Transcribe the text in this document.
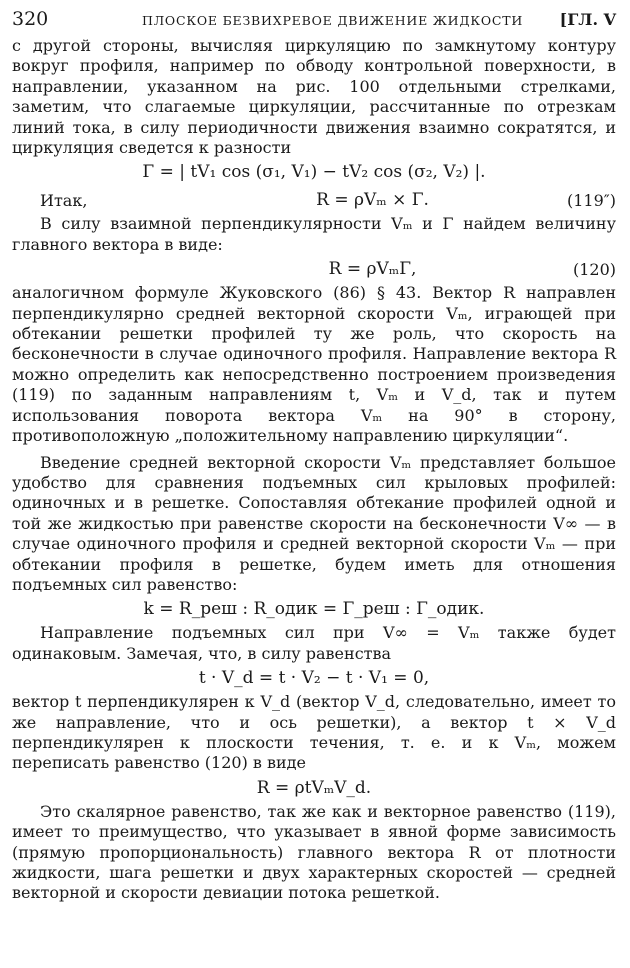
320	ПЛОСКОЕ БЕЗВИХРЕВОЕ ДВИЖЕНИЕ ЖИДКОСТИ [ГЛ. V

с другой стороны, вычисляя циркуляцию по замкнутому контуру вокруг профиля, например по обводу контрольной поверхности, в направлении, указанном на рис. 100 отдельными стрелками, заметим, что слагаемые циркуляции, рассчитанные по отрезкам линий тока, в силу периодичности движения взаимно сократятся, и циркуляция сведется к разности

Γ = | tV₁ cos (σ₁, V₁) − tV₂ cos (σ₂, V₂) |.
Итак,	R = ρVₘ × Γ.	(119″)

В силу взаимной перпендикулярности Vₘ и Γ найдем величину главного вектора в виде:

R = ρVₘΓ,	(120)

аналогичном формуле Жуковского (86) § 43. Вектор R направлен перпендикулярно средней векторной скорости Vₘ, играющей при обтекании решетки профилей ту же роль, что скорость на бесконечности в случае одиночного профиля. Направление вектора R можно определить как непосредственно построением произведения (119) по заданным направлениям t, Vₘ и V_d, так и путем использования поворота вектора Vₘ на 90° в сторону, противоположную „положительному направлению циркуляции“.

Введение средней векторной скорости Vₘ представляет большое удобство для сравнения подъемных сил крыловых профилей: одиночных и в решетке. Сопоставляя обтекание профилей одной и той же жидкостью при равенстве скорости на бесконечности V∞ — в случае одиночного профиля и средней векторной скорости Vₘ — при обтекании профиля в решетке, будем иметь для отношения подъемных сил равенство:

k = R_реш : R_одик = Γ_реш : Γ_одик.

Направление подъемных сил при V∞ = Vₘ также будет одинаковым. Замечая, что, в силу равенства

t · V_d = t · V₂ − t · V₁ = 0,

вектор t перпендикулярен к V_d (вектор V_d, следовательно, имеет то же направление, что и ось решетки), а вектор t × V_d перпендикулярен к плоскости течения, т. е. и к Vₘ, можем переписать равенство (120) в виде

R = ρtVₘV_d.

Это скалярное равенство, так же как и векторное равенство (119), имеет то преимущество, что указывает в явной форме зависимость (прямую пропорциональность) главного вектора R от плотности жидкости, шага решетки и двух характерных скоростей — средней векторной и скорости девиации потока решеткой.
